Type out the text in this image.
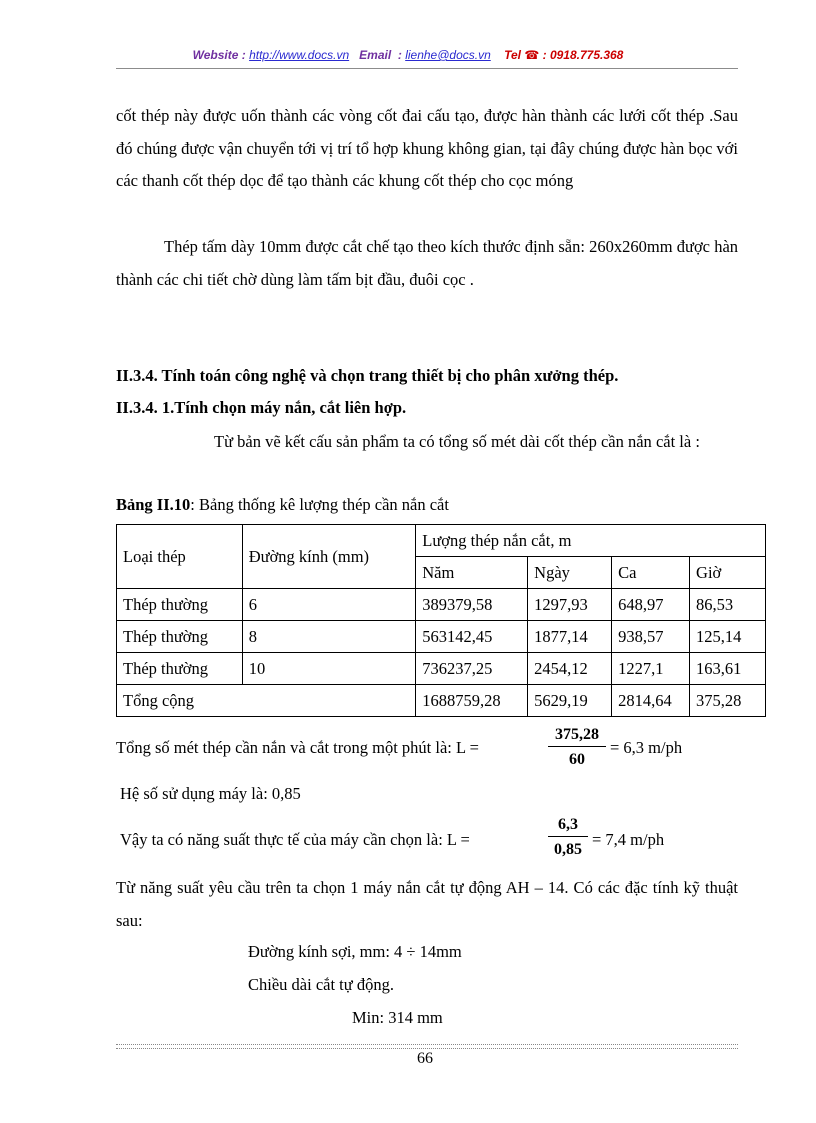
Website : http://www.docs.vn Email : lienhe@docs.vn Tel ☎ : 0918.775.368

cốt thép này được uốn thành các vòng cốt đai cấu tạo, được hàn thành các lưới cốt thép .Sau đó chúng được vận chuyển tới vị trí tổ hợp khung không gian, tại đây chúng được hàn bọc với các thanh cốt thép dọc để tạo thành các khung cốt thép cho cọc móng

Thép tấm dày 10mm được cắt chế tạo theo kích thước định sẵn: 260x260mm được hàn thành các chi tiết chờ dùng làm tấm bịt đầu, đuôi cọc .

II.3.4. Tính toán công nghệ và chọn trang thiết bị cho phân xưởng thép.

II.3.4. 1.Tính chọn máy nắn, cắt liên hợp.

Từ bản vẽ kết cấu sản phẩm ta có tổng số mét dài cốt thép cần nắn cắt là :

Bảng II.10: Bảng thống kê lượng thép cần nắn cắt

Loại thép	Đường kính (mm)	Lượng thép nắn cắt, m			
		Năm	Ngày	Ca	Giờ
Thép thường	6	389379,58	1297,93	648,97	86,53
Thép thường	8	563142,45	1877,14	938,57	125,14
Thép thường	10	736237,25	2454,12	1227,1	163,61
Tổng cộng		1688759,28	5629,19	2814,64	375,28

Tổng số mét thép cần nắn và cắt trong một phút là: L =	$\frac{375,28}{60} = 6,3$ m/ph

Hệ số sử dụng máy là: 0,85

Vậy ta có năng suất thực tế của máy cần chọn là: L =	$\frac{6,3}{0,85} = 7,4$ m/ph

Từ năng suất yêu cầu trên ta chọn 1 máy nắn cắt tự động AH – 14. Có các đặc tính kỹ thuật sau:

Đường kính sợi, mm: 4 ÷ 14mm

Chiều dài cắt tự động.

Min: 314 mm

66
